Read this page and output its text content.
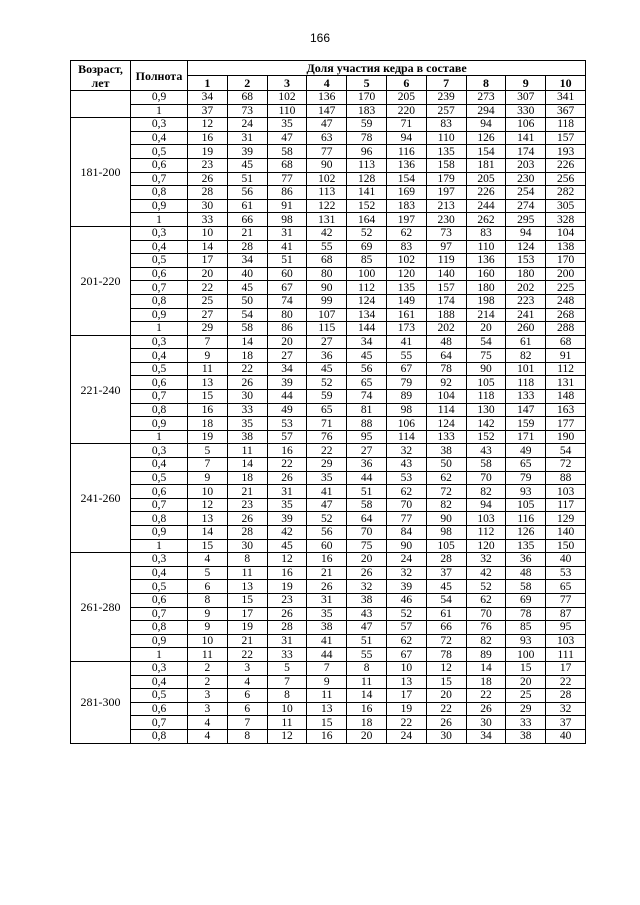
166
Возраст, лет	Полнота	Доля участия кедра в составе									
		1	2	3	4	5	6	7	8	9	10
	0,9	34	68	102	136	170	205	239	273	307	341
	1	37	73	110	147	183	220	257	294	330	367
181-200	0,3	12	24	35	47	59	71	83	94	106	118
	0,4	16	31	47	63	78	94	110	126	141	157
	0,5	19	39	58	77	96	116	135	154	174	193
	0,6	23	45	68	90	113	136	158	181	203	226
	0,7	26	51	77	102	128	154	179	205	230	256
	0,8	28	56	86	113	141	169	197	226	254	282
	0,9	30	61	91	122	152	183	213	244	274	305
	1	33	66	98	131	164	197	230	262	295	328
201-220	0,3	10	21	31	42	52	62	73	83	94	104
	0,4	14	28	41	55	69	83	97	110	124	138
	0,5	17	34	51	68	85	102	119	136	153	170
	0,6	20	40	60	80	100	120	140	160	180	200
	0,7	22	45	67	90	112	135	157	180	202	225
	0,8	25	50	74	99	124	149	174	198	223	248
	0,9	27	54	80	107	134	161	188	214	241	268
	1	29	58	86	115	144	173	202	20	260	288
221-240	0,3	7	14	20	27	34	41	48	54	61	68
	0,4	9	18	27	36	45	55	64	75	82	91
	0,5	11	22	34	45	56	67	78	90	101	112
	0,6	13	26	39	52	65	79	92	105	118	131
	0,7	15	30	44	59	74	89	104	118	133	148
	0,8	16	33	49	65	81	98	114	130	147	163
	0,9	18	35	53	71	88	106	124	142	159	177
	1	19	38	57	76	95	114	133	152	171	190
241-260	0,3	5	11	16	22	27	32	38	43	49	54
	0,4	7	14	22	29	36	43	50	58	65	72
	0,5	9	18	26	35	44	53	62	70	79	88
	0,6	10	21	31	41	51	62	72	82	93	103
	0,7	12	23	35	47	58	70	82	94	105	117
	0,8	13	26	39	52	64	77	90	103	116	129
	0,9	14	28	42	56	70	84	98	112	126	140
	1	15	30	45	60	75	90	105	120	135	150
261-280	0,3	4	8	12	16	20	24	28	32	36	40
	0,4	5	11	16	21	26	32	37	42	48	53
	0,5	6	13	19	26	32	39	45	52	58	65
	0,6	8	15	23	31	38	46	54	62	69	77
	0,7	9	17	26	35	43	52	61	70	78	87
	0,8	9	19	28	38	47	57	66	76	85	95
	0,9	10	21	31	41	51	62	72	82	93	103
	1	11	22	33	44	55	67	78	89	100	111
281-300	0,3	2	3	5	7	8	10	12	14	15	17
	0,4	2	4	7	9	11	13	15	18	20	22
	0,5	3	6	8	11	14	17	20	22	25	28
	0,6	3	6	10	13	16	19	22	26	29	32
	0,7	4	7	11	15	18	22	26	30	33	37
	0,8	4	8	12	16	20	24	30	34	38	40
